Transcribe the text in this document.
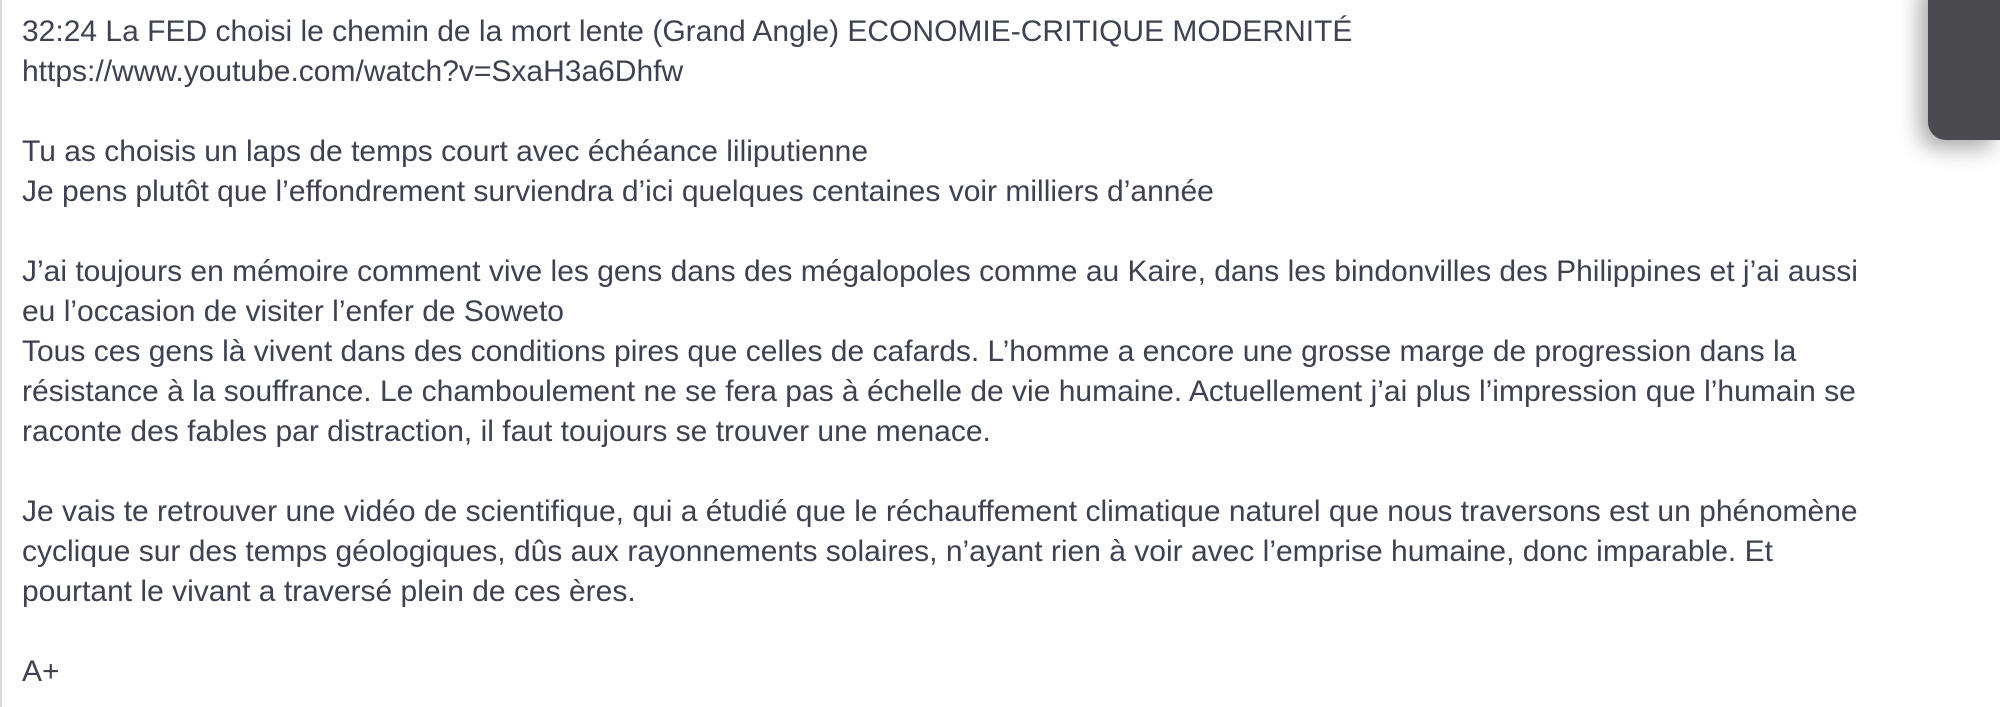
32:24 La FED choisi le chemin de la mort lente (Grand Angle) ECONOMIE-CRITIQUE MODERNITÉ
https://www.youtube.com/watch?v=SxaH3a6Dhfw
Tu as choisis un laps de temps court avec échéance liliputienne
Je pens plutôt que l’effondrement surviendra d’ici quelques centaines voir milliers d’année
J’ai toujours en mémoire comment vive les gens dans des mégalopoles comme au Kaire, dans les bindonvilles des Philippines et j’ai aussi
eu l’occasion de visiter l’enfer de Soweto
Tous ces gens là vivent dans des conditions pires que celles de cafards. L’homme a encore une grosse marge de progression dans la
résistance à la souffrance. Le chamboulement ne se fera pas à échelle de vie humaine. Actuellement j’ai plus l’impression que l’humain se
raconte des fables par distraction, il faut toujours se trouver une menace.
Je vais te retrouver une vidéo de scientifique, qui a étudié que le réchauffement climatique naturel que nous traversons est un phénomène
cyclique sur des temps géologiques, dûs aux rayonnements solaires, n’ayant rien à voir avec l’emprise humaine, donc imparable. Et
pourtant le vivant a traversé plein de ces ères.
A+
